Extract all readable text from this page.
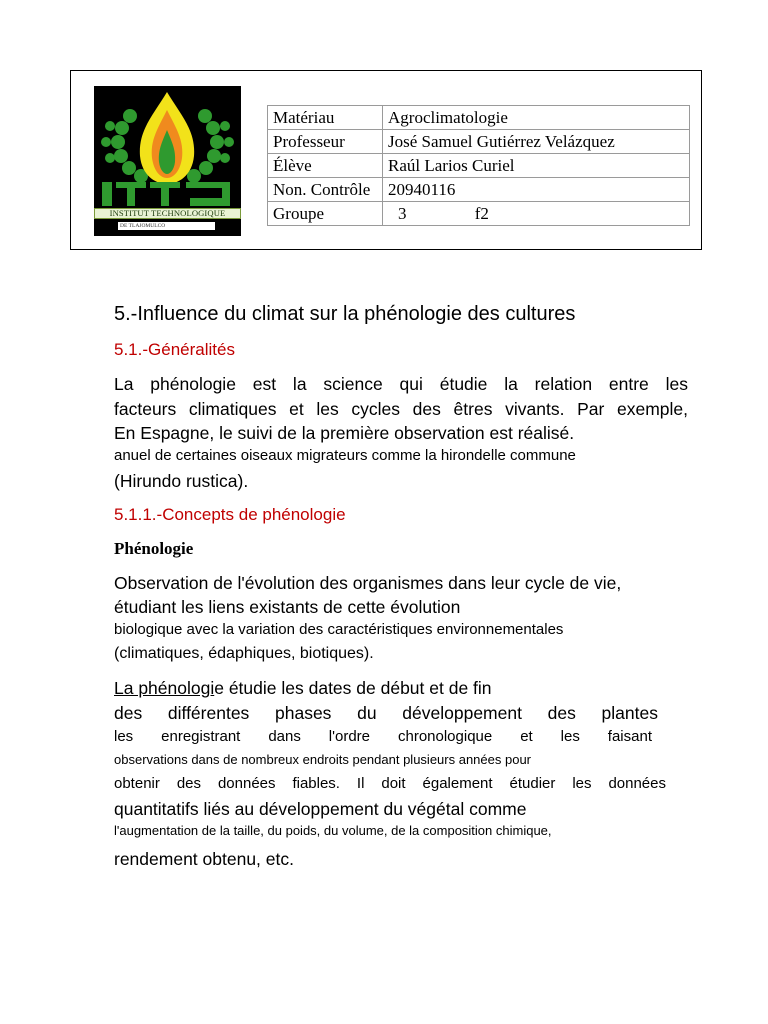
INSTITUT TECHNOLOGIQUE
DE TLAJOMULCO
Matériau	Agroclimatologie
Professeur	José Samuel Gutiérrez Velázquez
Élève	Raúl Larios Curiel
Non. Contrôle	20940116
Groupe	3 f2
5.-Influence du climat sur la phénologie des cultures
5.1.-Généralités
La phénologie est la science qui étudie la relation entre les
facteurs climatiques et les cycles des êtres vivants. Par exemple,
En Espagne, le suivi de la première observation est réalisé.
anuel de certaines oiseaux migrateurs comme la hirondelle commune
(Hirundo rustica).
5.1.1.-Concepts de phénologie
Phénologie
Observation de l'évolution des organismes dans leur cycle de vie,
étudiant les liens existants de cette évolution
biologique avec la variation des caractéristiques environnementales
(climatiques, édaphiques, biotiques).
La phénologie étudie les dates de début et de fin
des différentes phases du développement des plantes
les enregistrant dans l'ordre chronologique et les faisant
observations dans de nombreux endroits pendant plusieurs années pour
obtenir des données fiables. Il doit également étudier les données
quantitatifs liés au développement du végétal comme
l'augmentation de la taille, du poids, du volume, de la composition chimique,
rendement obtenu, etc.
